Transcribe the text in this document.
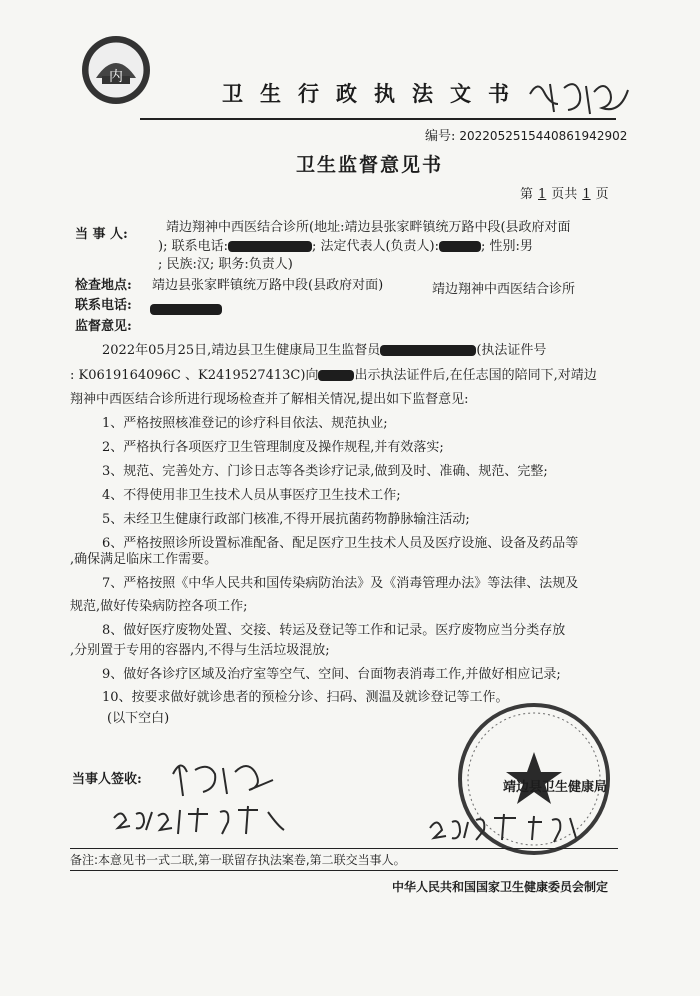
内
卫生行政执法文书
编号: 20220525154408619429​02
卫生监督意见书
第 1 页共 1 页
当 事 人:	靖边翔神中西医结合诊所(地址:靖边县张家畔镇统万路中段(县政府对面
); 联系电话:	; 法定代表人(负责人):	; 性别:男
; 民族:汉; 职务:负责人)
检查地点: 靖边县张家畔镇统万路中段(县政府对面)	靖边翔神中西医结合诊所
联系电话:
监督意见:
2022年05月25日,靖边县卫生健康局卫生监督员	(执法证件号
: K0619164096C 、K2419527413C)向	出示执法证件后,在任志国的陪同下,对靖边
翔神中西医结合诊所进行现场检查并了解相关情况,提出如下监督意见:
1、严格按照核准登记的诊疗科目依法、规范执业;
2、严格执行各项医疗卫生管理制度及操作规程,并有效落实;
3、规范、完善处方、门诊日志等各类诊疗记录,做到及时、准确、规范、完整;
4、不得使用非卫生技术人员从事医疗卫生技术工作;
5、未经卫生健康行政部门核准,不得开展抗菌药物静脉输注活动;
6、严格按照诊所设置标准配备、配足医疗卫生技术人员及医疗设施、设备及药品等
,确保满足临床工作需要。
7、严格按照《中华人民共和国传染病防治法》及《消毒管理办法》等法律、法规及
规范,做好传染病防控各项工作;
8、做好医疗废物处置、交接、转运及登记等工作和记录。医疗废物应当分类存放
,分别置于专用的容器内,不得与生活垃圾混放;
9、做好各诊疗区域及治疗室等空气、空间、台面物表消毒工作,并做好相应记录;
10、按要求做好就诊患者的预检分诊、扫码、测温及就诊登记等工作。
(以下空白)
靖边县卫生健康局
当事人签收:
备注:本意见书一式二联,第一联留存执法案卷,第二联交当事人。
中华人民共和国国家卫生健康委员会制定
